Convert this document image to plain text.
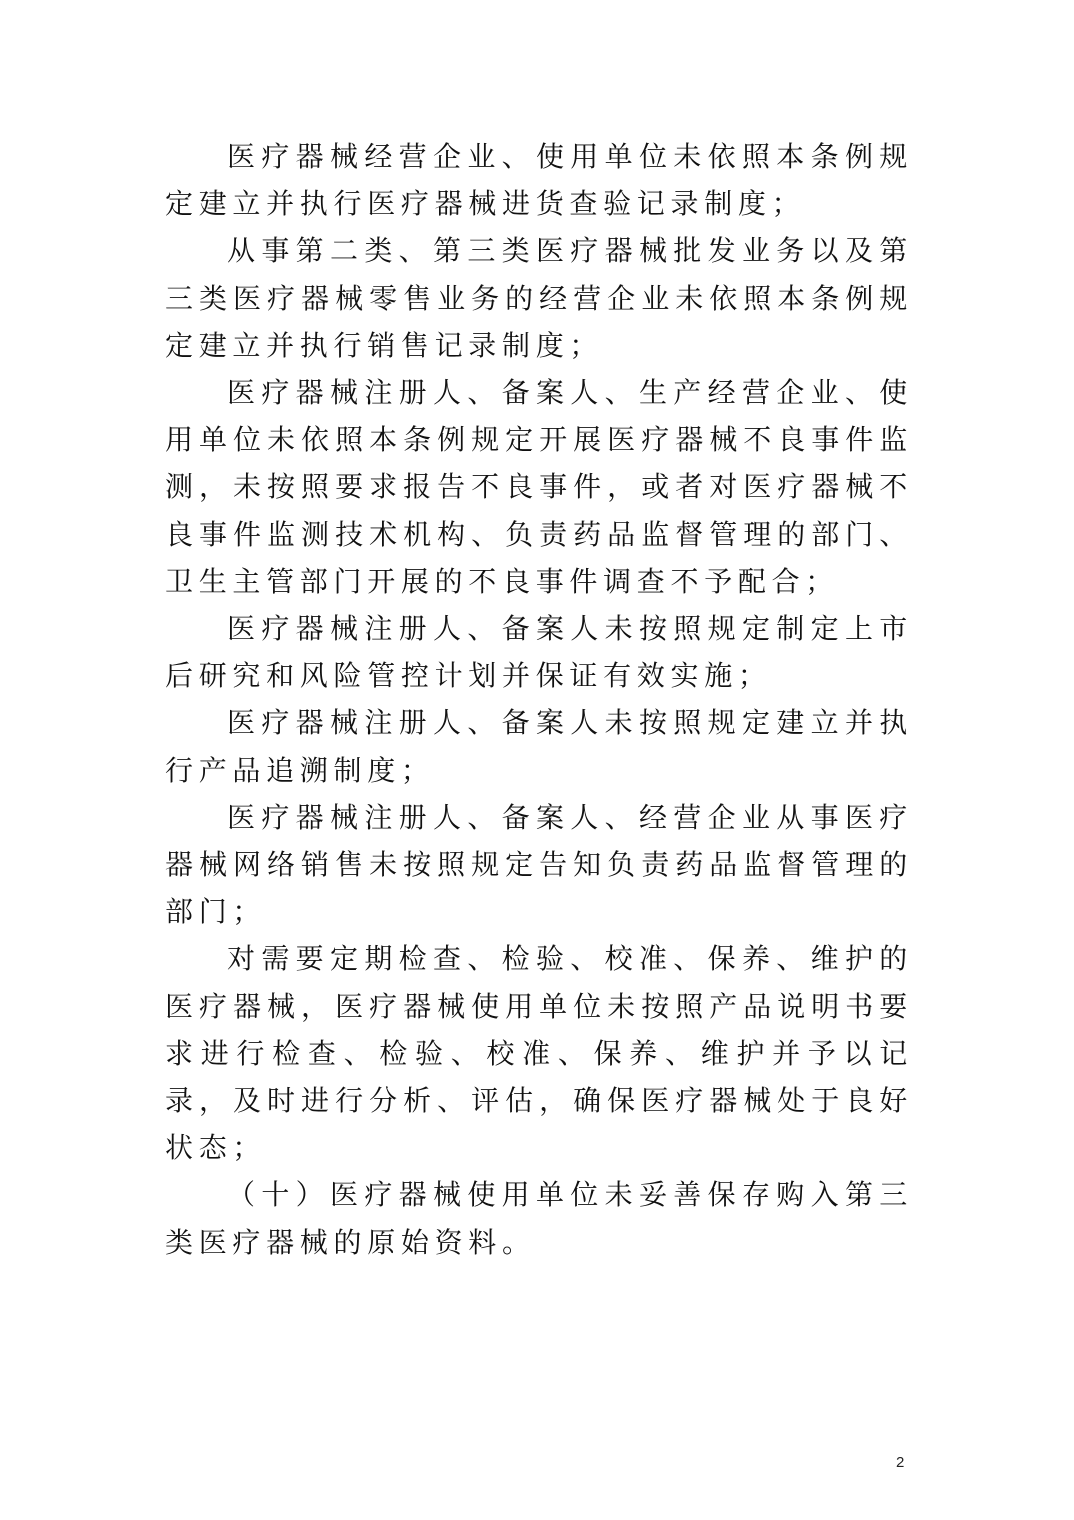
医疗器械经营企业、使用单位未依照本条例规定建立并执行医疗器械进货查验记录制度；

从事第二类、第三类医疗器械批发业务以及第三类医疗器械零售业务的经营企业未依照本条例规定建立并执行销售记录制度；

医疗器械注册人、备案人、生产经营企业、使用单位未依照本条例规定开展医疗器械不良事件监测，未按照要求报告不良事件，或者对医疗器械不良事件监测技术机构、负责药品监督管理的部门、卫生主管部门开展的不良事件调查不予配合；

医疗器械注册人、备案人未按照规定制定上市后研究和风险管控计划并保证有效实施；

医疗器械注册人、备案人未按照规定建立并执行产品追溯制度；

医疗器械注册人、备案人、经营企业从事医疗器械网络销售未按照规定告知负责药品监督管理的部门；

对需要定期检查、检验、校准、保养、维护的医疗器械，医疗器械使用单位未按照产品说明书要求进行检查、检验、校准、保养、维护并予以记录，及时进行分析、评估，确保医疗器械处于良好状态；

（十）医疗器械使用单位未妥善保存购入第三类医疗器械的原始资料。

2
